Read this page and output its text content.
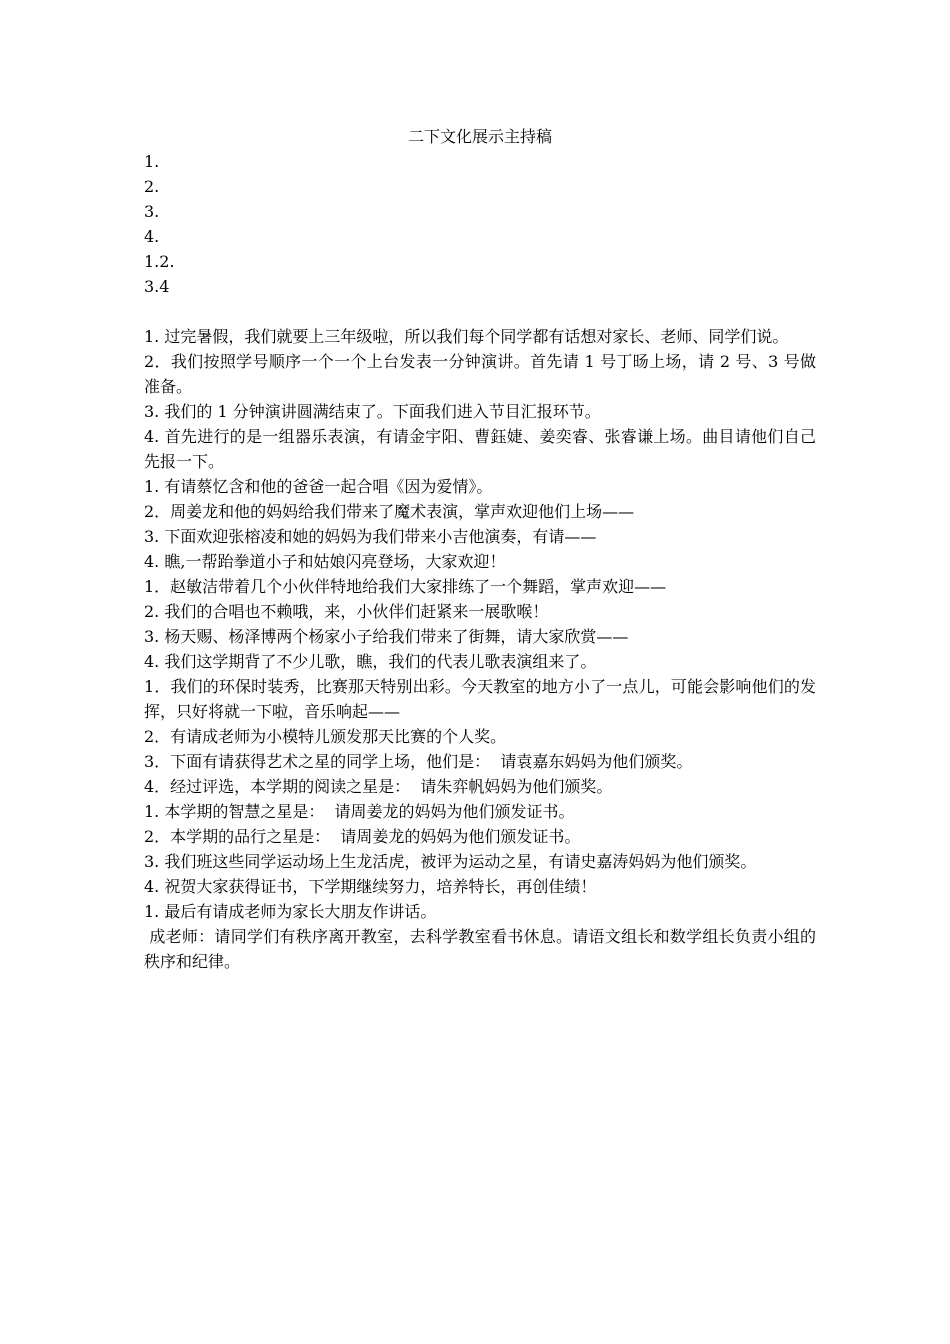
二下文化展示主持稿

1.

2.

3.

4.

1.2.

3.4

1. 过完暑假，我们就要上三年级啦，所以我们每个同学都有话想对家长、老师、同学们说。

2．我们按照学号顺序一个一个上台发表一分钟演讲。首先请 1 号丁旸上场，请 2 号、3 号做准备。

3. 我们的 1 分钟演讲圆满结束了。下面我们进入节目汇报环节。

4. 首先进行的是一组器乐表演，有请金宇阳、曹鈺婕、姜奕睿、张睿谦上场。曲目请他们自己先报一下。

1. 有请蔡忆含和他的爸爸一起合唱《因为爱情》。

2．周姜龙和他的妈妈给我们带来了魔术表演，掌声欢迎他们上场——

3. 下面欢迎张榕凌和她的妈妈为我们带来小吉他演奏，有请——

4. 瞧,一帮跆拳道小子和姑娘闪亮登场，大家欢迎！

1．赵敏洁带着几个小伙伴特地给我们大家排练了一个舞蹈，掌声欢迎——

2. 我们的合唱也不赖哦，来，小伙伴们赶紧来一展歌喉！

3. 杨天赐、杨泽博两个杨家小子给我们带来了街舞，请大家欣赏——

4. 我们这学期背了不少儿歌，瞧，我们的代表儿歌表演组来了。

1．我们的环保时装秀，比赛那天特别出彩。今天教室的地方小了一点儿，可能会影响他们的发挥，只好将就一下啦，音乐响起——

2．有请成老师为小模特儿颁发那天比赛的个人奖。

3．下面有请获得艺术之星的同学上场，他们是：  请袁嘉东妈妈为他们颁奖。

4．经过评选，本学期的阅读之星是：  请朱弈帆妈妈为他们颁奖。

1. 本学期的智慧之星是：  请周姜龙的妈妈为他们颁发证书。

2．本学期的品行之星是：  请周姜龙的妈妈为他们颁发证书。

3. 我们班这些同学运动场上生龙活虎，被评为运动之星，有请史嘉涛妈妈为他们颁奖。

4. 祝贺大家获得证书，下学期继续努力，培养特长，再创佳绩！

1. 最后有请成老师为家长大朋友作讲话。

成老师：请同学们有秩序离开教室，去科学教室看书休息。请语文组长和数学组长负责小组的秩序和纪律。
